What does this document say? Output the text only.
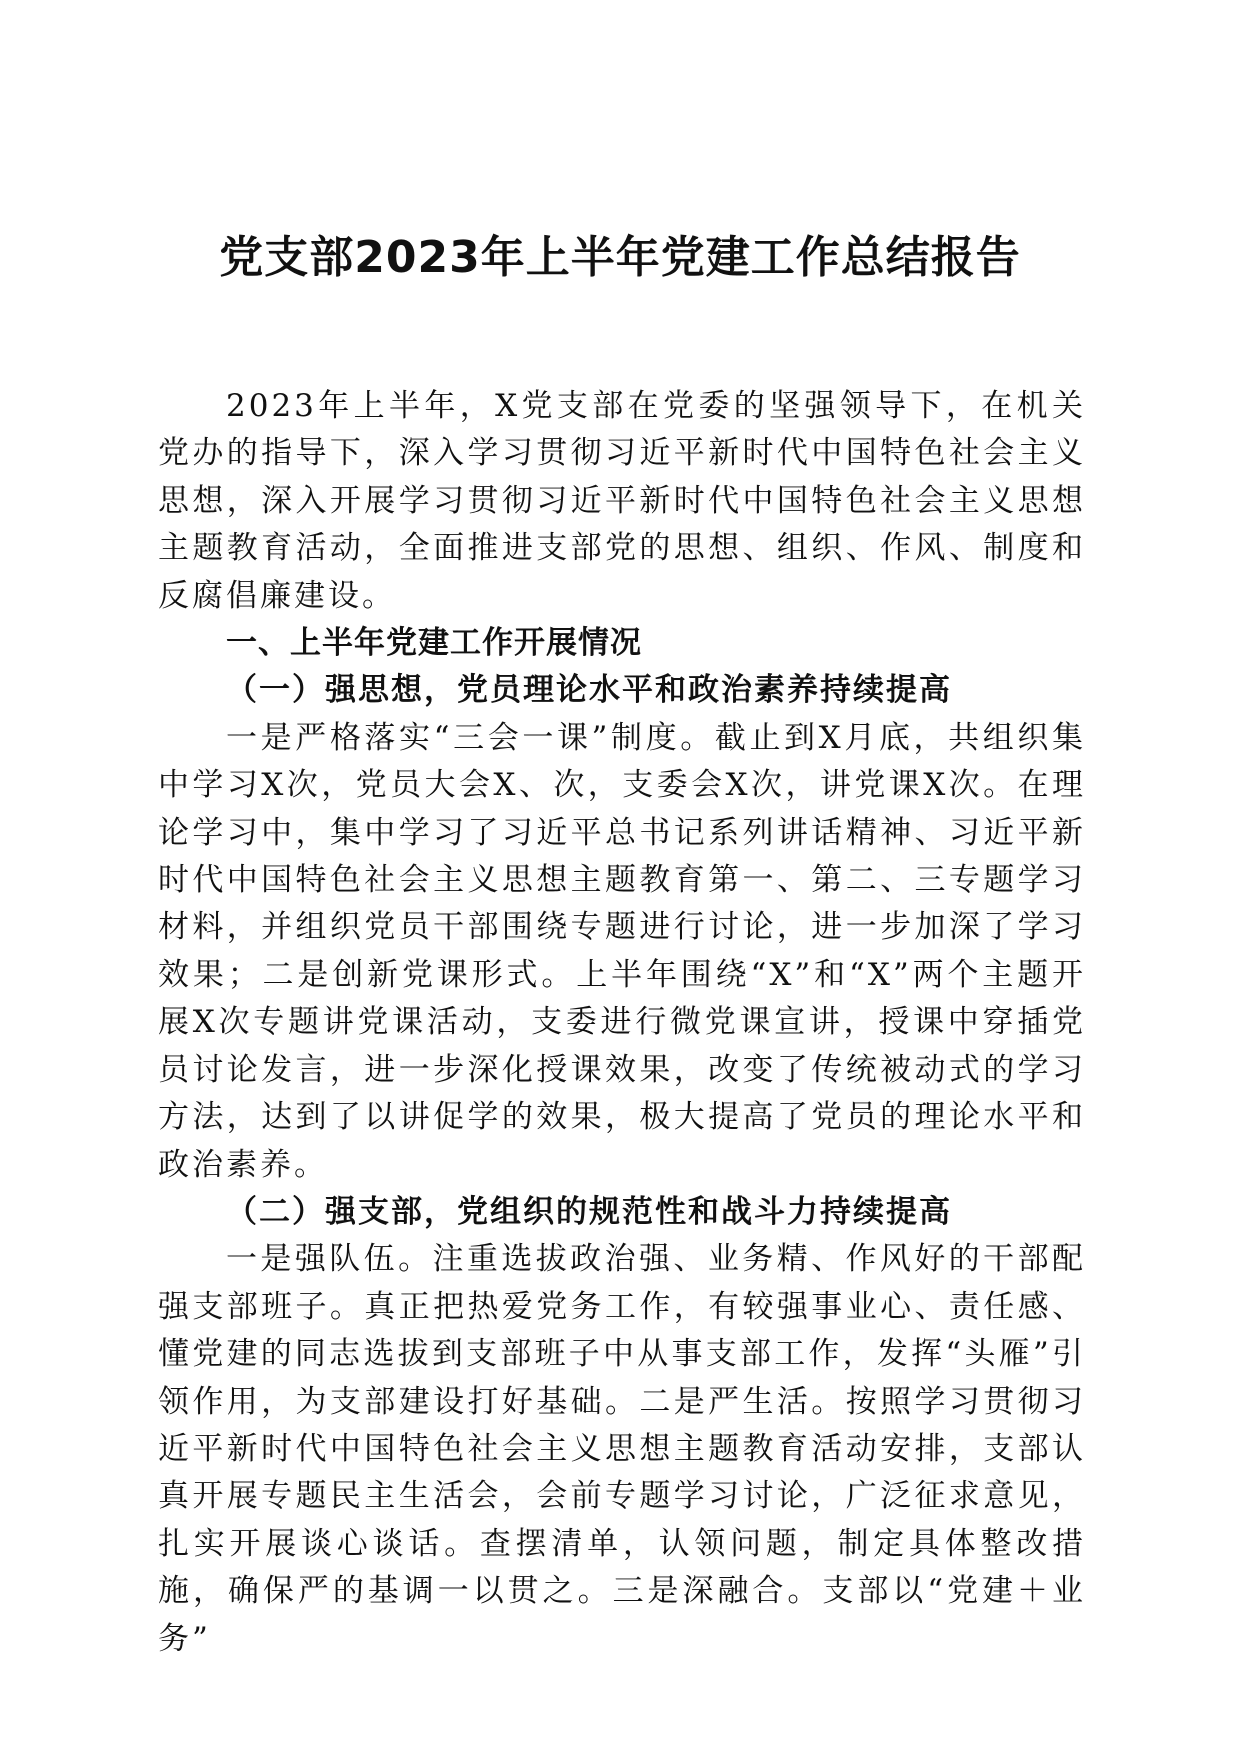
党支部2023年上半年党建工作总结报告

2023年上半年，X党支部在党委的坚强领导下，在机关党办的指导下，深入学习贯彻习近平新时代中国特色社会主义思想，深入开展学习贯彻习近平新时代中国特色社会主义思想主题教育活动，全面推进支部党的思想、组织、作风、制度和反腐倡廉建设。

一、上半年党建工作开展情况

（一）强思想，党员理论水平和政治素养持续提高

一是严格落实“三会一课”制度。截止到X月底，共组织集中学习X次，党员大会X、次，支委会X次，讲党课X次。在理论学习中，集中学习了习近平总书记系列讲话精神、习近平新时代中国特色社会主义思想主题教育第一、第二、三专题学习材料，并组织党员干部围绕专题进行讨论，进一步加深了学习效果；二是创新党课形式。上半年围绕“X”和“X”两个主题开展X次专题讲党课活动，支委进行微党课宣讲，授课中穿插党员讨论发言，进一步深化授课效果，改变了传统被动式的学习方法，达到了以讲促学的效果，极大提高了党员的理论水平和政治素养。

（二）强支部，党组织的规范性和战斗力持续提高

一是强队伍。注重选拔政治强、业务精、作风好的干部配强支部班子。真正把热爱党务工作，有较强事业心、责任感、懂党建的同志选拔到支部班子中从事支部工作，发挥“头雁”引领作用，为支部建设打好基础。二是严生活。按照学习贯彻习近平新时代中国特色社会主义思想主题教育活动安排，支部认真开展专题民主生活会，会前专题学习讨论，广泛征求意见，扎实开展谈心谈话。查摆清单，认领问题，制定具体整改措施，确保严的基调一以贯之。三是深融合。支部以“党建＋业务”
